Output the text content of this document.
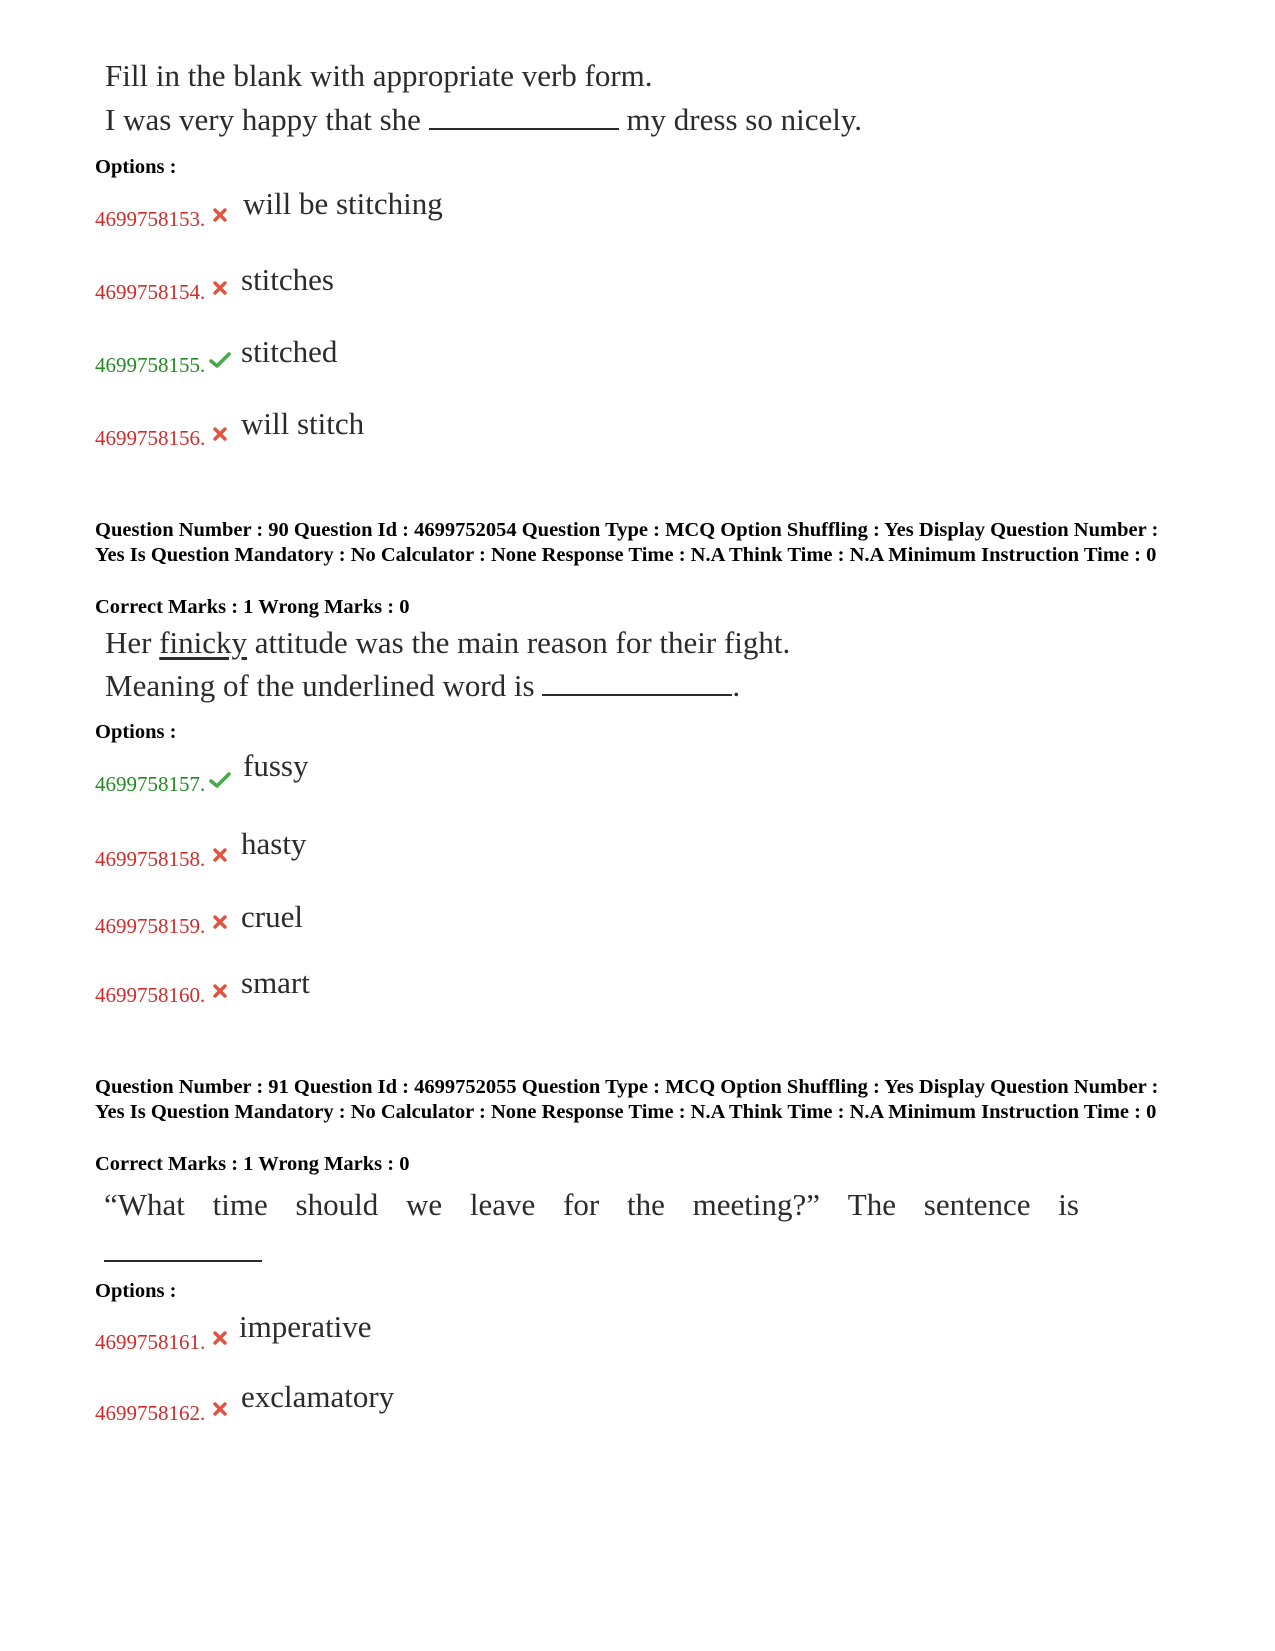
Fill in the blank with appropriate verb form.
I was very happy that she	my dress so nicely.
Options :
4699758153. will be stitching
4699758154. stitches
4699758155. stitched
4699758156. will stitch
Question Number : 90 Question Id : 4699752054 Question Type : MCQ Option Shuffling : Yes Display Question Number : Yes Is Question Mandatory : No Calculator : None Response Time : N.A Think Time : N.A Minimum Instruction Time : 0
Correct Marks : 1 Wrong Marks : 0
Her finicky attitude was the main reason for their fight.
Meaning of the underlined word is	.
Options :
4699758157.
fussy
4699758158. hasty
4699758159. cruel
4699758160. smart
Question Number : 91 Question Id : 4699752055 Question Type : MCQ Option Shuffling : Yes Display Question Number : Yes Is Question Mandatory : No Calculator : None Response Time : N.A Think Time : N.A Minimum Instruction Time : 0
Correct Marks : 1 Wrong Marks : 0
“What time should we leave for the meeting?” The sentence is
Options :
4699758161. imperative
4699758162. exclamatory
